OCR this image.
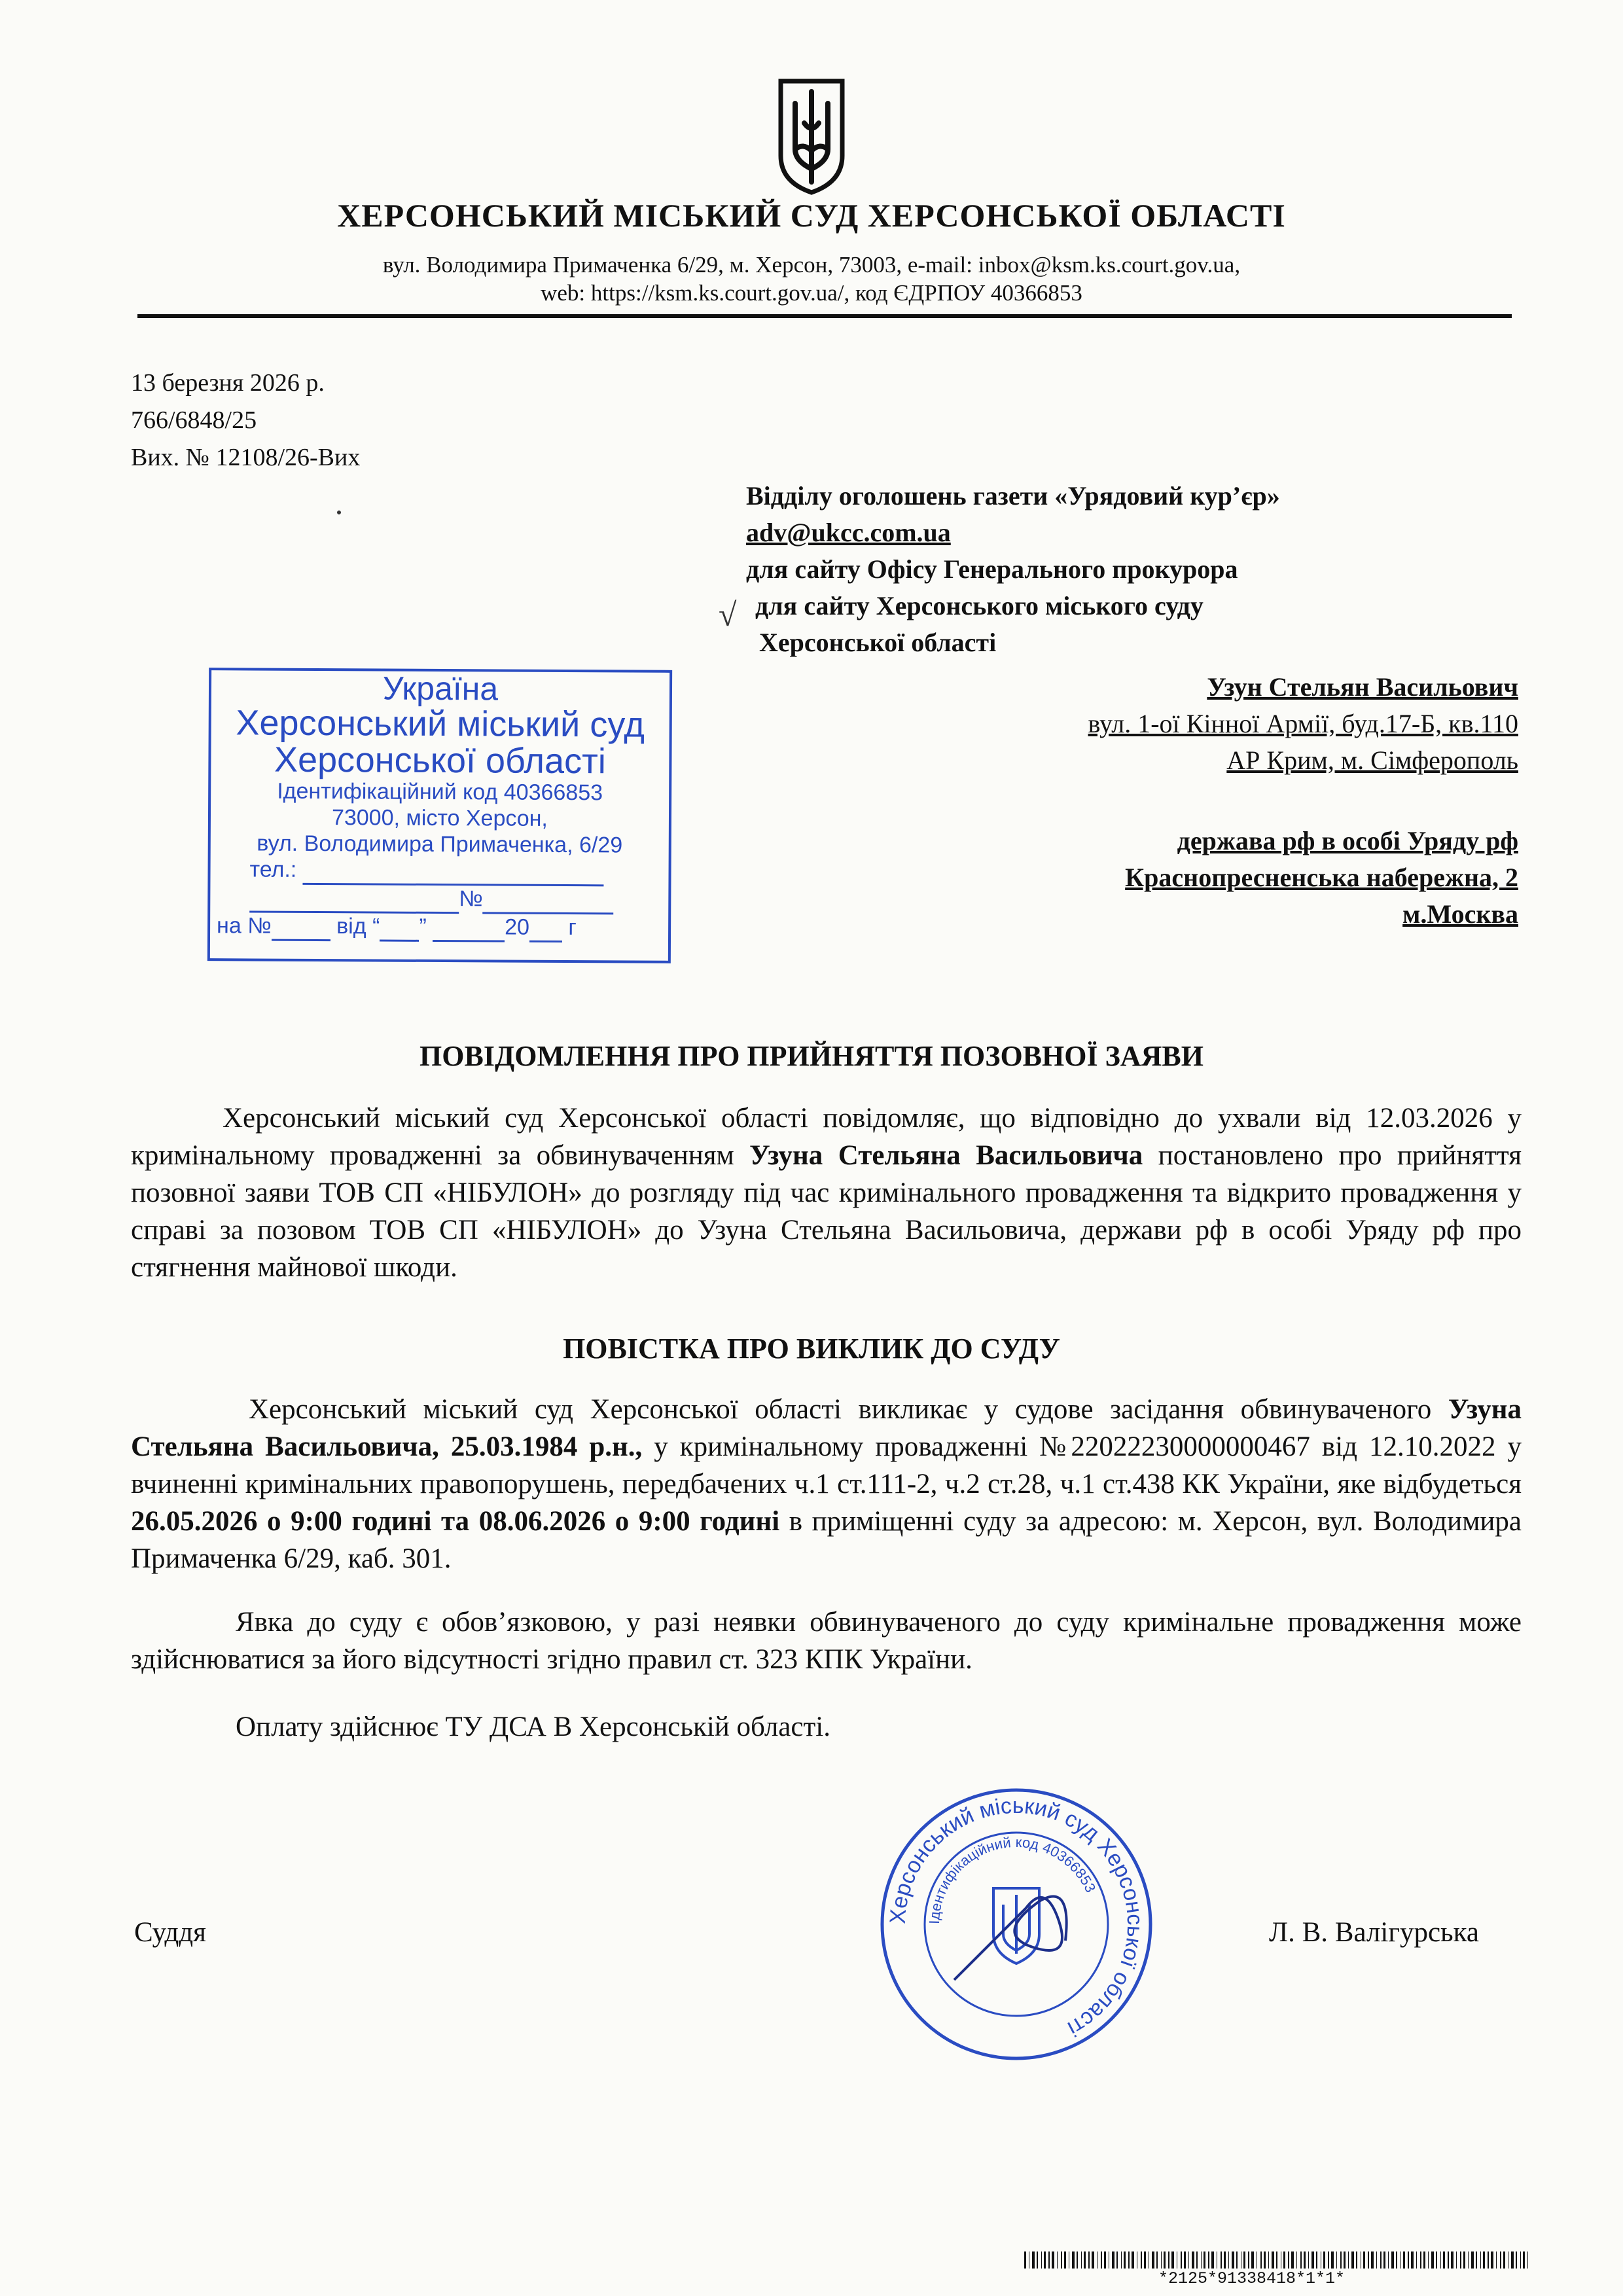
ХЕРСОНСЬКИЙ МІСЬКИЙ СУД ХЕРСОНСЬКОЇ ОБЛАСТІ
вул. Володимира Примаченка 6/29, м. Херсон, 73003, e-mail: inbox@ksm.ks.court.gov.ua,
web: https://ksm.ks.court.gov.ua/, код ЄДРПОУ 40366853
13 березня 2026 р.
766/6848/25
Вих. № 12108/26-Вих
Відділу оголошень газети «Урядовий кур’єр»
adv@ukcc.com.ua
для сайту Офісу Генерального прокурора
для сайту Херсонського міського суду
Херсонської області
√
Узун Стельян Васильович
вул. 1-ої Кінної Армії, буд.17-Б, кв.110
АР Крим, м. Сімферополь
держава рф в особі Уряду рф
Краснопресненська набережна, 2
м.Москва
Україна
Херсонський міський суд
Херсонської області
Ідентифікаційний код 40366853
73000, місто Херсон,
вул. Володимира Примаченка, 6/29
тел.:
№
на №	від “ ”	20 г
ПОВІДОМЛЕННЯ ПРО ПРИЙНЯТТЯ ПОЗОВНОЇ ЗАЯВИ
Херсонський міський суд Херсонської області повідомляє, що відповідно до ухвали від 12.03.2026 у кримінальному провадженні за обвинуваченням Узуна Стельяна Васильовича постановлено про прийняття позовної заяви ТОВ СП «НІБУЛОН» до розгляду під час кримінального провадження та відкрито провадження у справі за позовом ТОВ СП «НІБУЛОН» до Узуна Стельяна Васильовича, держави рф в особі Уряду рф про стягнення майнової шкоди.
ПОВІСТКА ПРО ВИКЛИК ДО СУДУ
Херсонський міський суд Херсонської області викликає у судове засідання обвинуваченого Узуна Стельяна Васильовича, 25.03.1984 р.н., у кримінальному провадженні №22022230000000467 від 12.10.2022 у вчиненні кримінальних правопорушень, передбачених ч.1 ст.111-2, ч.2 ст.28, ч.1 ст.438 КК України, яке відбудеться 26.05.2026 о 9:00 годині та 08.06.2026 о 9:00 годині в приміщенні суду за адресою: м. Херсон, вул. Володимира Примаченка 6/29, каб. 301.
Явка до суду є обов’язковою, у разі неявки обвинуваченого до суду кримінальне провадження може здійснюватися за його відсутності згідно правил ст. 323 КПК України.
Оплату здійснює ТУ ДСА В Херсонській області.
Суддя	Л. В. Валігурська
Херсонський міський суд Херсонської області
Ідентифікаційний код 40366853
*2125*91338418*1*1*
